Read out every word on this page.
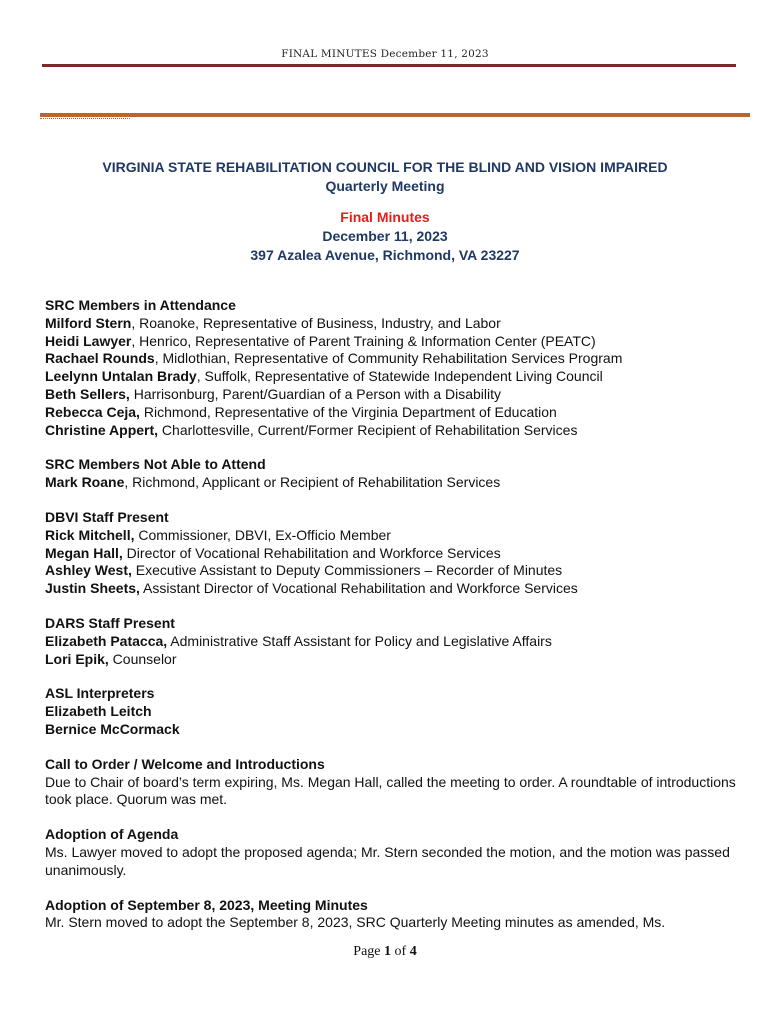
FINAL MINUTES December 11, 2023
VIRGINIA STATE REHABILITATION COUNCIL FOR THE BLIND AND VISION IMPAIRED
Quarterly Meeting
Final Minutes
December 11, 2023
397 Azalea Avenue, Richmond, VA 23227
SRC Members in Attendance
Milford Stern, Roanoke, Representative of Business, Industry, and Labor
Heidi Lawyer, Henrico, Representative of Parent Training & Information Center (PEATC)
Rachael Rounds, Midlothian, Representative of Community Rehabilitation Services Program
Leelynn Untalan Brady, Suffolk, Representative of Statewide Independent Living Council
Beth Sellers, Harrisonburg, Parent/Guardian of a Person with a Disability
Rebecca Ceja, Richmond, Representative of the Virginia Department of Education
Christine Appert, Charlottesville, Current/Former Recipient of Rehabilitation Services
SRC Members Not Able to Attend
Mark Roane, Richmond, Applicant or Recipient of Rehabilitation Services
DBVI Staff Present
Rick Mitchell, Commissioner, DBVI, Ex-Officio Member
Megan Hall, Director of Vocational Rehabilitation and Workforce Services
Ashley West, Executive Assistant to Deputy Commissioners – Recorder of Minutes
Justin Sheets, Assistant Director of Vocational Rehabilitation and Workforce Services
DARS Staff Present
Elizabeth Patacca, Administrative Staff Assistant for Policy and Legislative Affairs
Lori Epik, Counselor
ASL Interpreters
Elizabeth Leitch
Bernice McCormack
Call to Order / Welcome and Introductions
Due to Chair of board’s term expiring, Ms. Megan Hall, called the meeting to order. A roundtable of introductions took place. Quorum was met.
Adoption of Agenda
Ms. Lawyer moved to adopt the proposed agenda; Mr. Stern seconded the motion, and the motion was passed unanimously.
Adoption of September 8, 2023, Meeting Minutes
Mr. Stern moved to adopt the September 8, 2023, SRC Quarterly Meeting minutes as amended, Ms.
Page 1 of 4
